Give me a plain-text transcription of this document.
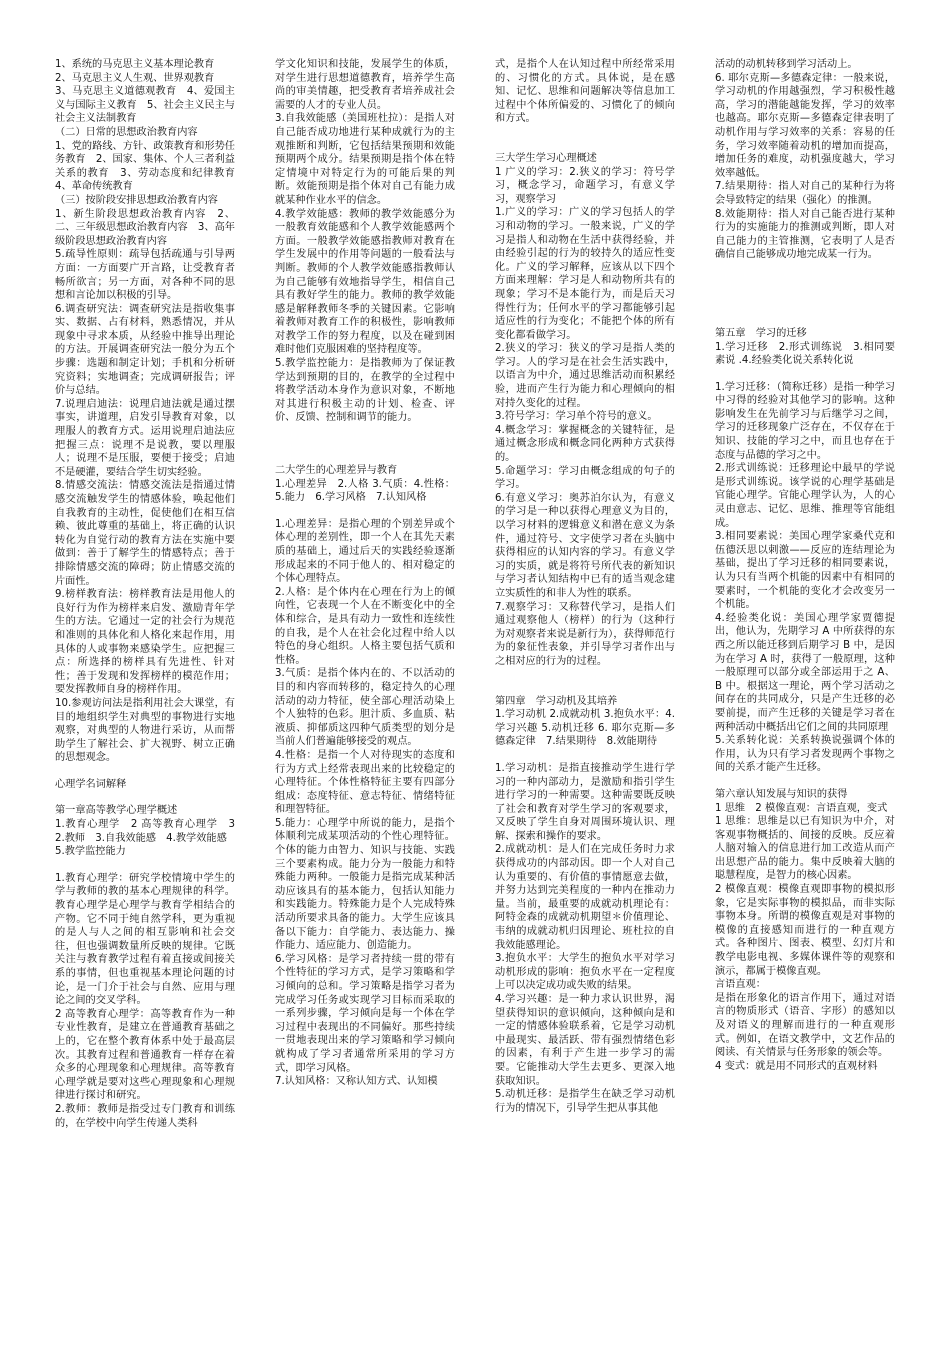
1、系统的马克思主义基本理论教育

2、马克思主义人生观、世界观教育

3、马克思主义道德观教育　4、爱国主义与国际主义教育　5、社会主义民主与社会主义法制教育

（二）日常的思想政治教育内容

1、党的路线、方针、政策教育和形势任务教育　2、国家、集体、个人三者利益关系的教育　3、劳动态度和纪律教育　4、革命传统教育

（三）按阶段安排思想政治教育内容

1、新生阶段思想政治教育内容　2、二、三年级思想政治教育内容　3、高年级阶段思想政治教育内容

5.疏导性原则：疏导包括疏通与引导两方面：一方面要广开言路，让受教育者畅所欲言；另一方面，对各种不同的思想和言论加以积极的引导。

6.调查研究法：调查研究法是指收集事实、数据、占有材料，熟悉情况，并从现象中寻求本质，从经验中推导出理论的方法。开展调查研究法一般分为五个步骤：选题和制定计划；手机和分析研究资料；实地调查；完成调研报告；评价与总结。

7.说理启迪法：说理启迪法就是通过摆事实，讲道理，启发引导教育对象，以理服人的教育方式。运用说理启迪法应把握三点：说理不是说教，要以理服人；说理不是压服，要便于接受；启迪不是硬灌，要结合学生切实经验。

8.情感交流法：情感交流法是指通过情感交流触发学生的情感体验，唤起他们自我教育的主动性，促使他们在相互信赖、彼此尊重的基础上，将正确的认识转化为自觉行动的教育方法在实施中要做到：善于了解学生的情感特点；善于排除情感交流的障碍；防止情感交流的片面性。

9.榜样教育法：榜样教育法是用他人的良好行为作为榜样来启发、激励青年学生的方法。它通过一定的社会行为规范和准则的具体化和人格化来起作用，用具体的人或事物来感染学生。应把握三点：所选择的榜样具有先进性、针对性；善于发现和发挥榜样的模范作用；要发挥教师自身的榜样作用。

10.参观访问法是指利用社会大课堂，有目的地组织学生对典型的事物进行实地观察，对典型的人物进行采访，从而帮助学生了解社会、扩大视野、树立正确的思想观念。

心理学名词解释

第一章高等教学心理学概述

1.教育心理学　2 高等教育心理学　3 2.教师　3.自我效能感　4.教学效能感

5.教学监控能力

1.教育心理学：研究学校情境中学生的学与教师的教的基本心理规律的科学。教育心理学是心理学与教育学相结合的产物。它不同于纯自然学科，更为重视的是人与人之间的相互影响和社会交往，但也强调数量所反映的规律。它既关注与教育教学过程有着直接或间接关系的事情，但也重视基本理论问题的讨论，是一门介于社会与自然、应用与理论之间的交叉学科。

2 高等教育心理学：高等教育作为一种专业性教育，是建立在普通教育基础之上的，它在整个教育体系中处于最高层次。其教育过程和普通教育一样存在着众多的心理现象和心理规律。高等教育心理学就是要对这些心理现象和心理规律进行探讨和研究。

2.教师：教师是指受过专门教育和训练的，在学校中向学生传递人类科

学文化知识和技能，发展学生的体质，对学生进行思想道德教育，培养学生高尚的审美情趣，把受教育者培养成社会需要的人才的专业人员。

3.自我效能感（美国班杜拉）：是指人对自己能否成功地进行某种成就行为的主观推断和判断，它包括结果预期和效能预期两个成分。结果预期是指个体在特定情境中对特定行为的可能后果的判断。效能预期是指个体对自己有能力成就某种作业水平的信念。

4.教学效能感：教师的教学效能感分为一般教育效能感和个人教学效能感两个方面。一般教学效能感指教师对教育在学生发展中的作用等问题的一般看法与判断。教师的个人教学效能感指教师认为自己能够有效地指导学生，相信自己具有教好学生的能力。教师的教学效能感是解释教师冬季的关键因素。它影响着教师对教育工作的积极性，影响教师对教学工作的努力程度，以及在碰到困难时他们克服困难的坚持程度等。

5.教学监控能力：是指教师为了保证教学达到预期的目的，在教学的全过程中将教学活动本身作为意识对象，不断地对其进行积极主动的计划、检查、评价、反馈、控制和调节的能力。

二大学生的心理差异与教育

1.心理差异　2.人格 3.气质：4.性格：5.能力　6.学习风格　7.认知风格

1.心理差异：是指心理的个别差异或个体心理的差别性，即一个人在其先天素质的基础上，通过后天的实践经验逐渐形成起来的不同于他人的、相对稳定的个体心理特点。

2.人格：是个体内在心理在行为上的倾向性，它表现一个人在不断变化中的全体和综合，是具有动力一致性和连续性的自我，是个人在社会化过程中给人以特色的身心组织。人格主要包括气质和性格。

3.气质：是指个体内在的、不以活动的目的和内容而转移的，稳定持久的心理活动的动力特征，使全部心理活动染上个人独特的色彩。胆汁质、多血质、粘液质、抑郁质这四种气质类型的划分是当前人们普遍能够接受的观点。

4.性格：是指一个人对待现实的态度和行为方式上经常表现出来的比较稳定的心理特征。个体性格特征主要有四部分组成：态度特征、意志特征、情绪特征和理智特征。

5.能力：心理学中所说的能力，是指个体顺利完成某项活动的个性心理特征。个体的能力由智力、知识与技能、实践三个要素构成。能力分为一般能力和特殊能力两种。一般能力是指完成某种活动应该具有的基本能力，包括认知能力和实践能力。特殊能力是个人完成特殊活动所要求具备的能力。大学生应该具备以下能力：自学能力、表达能力、操作能力、适应能力、创造能力。

6.学习风格：是学习者持续一贯的带有个性特征的学习方式，是学习策略和学习倾向的总和。学习策略是指学习者为完成学习任务或实现学习目标而采取的一系列步骤，学习倾向是每一个体在学习过程中表现出的不同偏好。那些持续一贯地表现出来的学习策略和学习倾向就构成了学习者通常所采用的学习方式，即学习风格。

7.认知风格：又称认知方式、认知模

式，是指个人在认知过程中所经常采用的、习惯化的方式。具体说，是在感知、记忆、思维和问题解决等信息加工过程中个体所偏爱的、习惯化了的倾向和方式。

三大学生学习心理概述

1 广义的学习：2.狭义的学习：符号学习，概念学习，命题学习，有意义学习，观察学习

1.广义的学习：广义的学习包括人的学习和动物的学习。一般来说，广义的学习是指人和动物在生活中获得经验，并由经验引起的行为的较持久的适应性变化。广义的学习解释，应该从以下四个方面来理解：学习是人和动物所共有的现象；学习不是本能行为，而是后天习得性行为；任何水平的学习都能够引起适应性的行为变化；不能把个体的所有变化都看做学习。

2.狭义的学习：狭义的学习是指人类的学习。人的学习是在社会生活实践中，以语言为中介，通过思维活动而积累经验，进而产生行为能力和心理倾向的相对持久变化的过程。

3.符号学习：学习单个符号的意义。

4.概念学习：掌握概念的关键特征，是通过概念形成和概念同化两种方式获得的。

5.命题学习：学习由概念组成的句子的学习。

6.有意义学习：奥苏泊尔认为，有意义的学习是一种以获得心理意义为目的，以学习材料的逻辑意义和潜在意义为条件，通过符号、文字使学习者在头脑中获得相应的认知内容的学习。有意义学习的实质，就是将符号所代表的新知识与学习者认知结构中已有的适当观念建立实质性的和非人为性的联系。

7.观察学习：又称替代学习，是指人们通过观察他人（榜样）的行为（这种行为对观察者来说是新行为），获得师范行为的象征性表象，并引导学习者作出与之相对应的行为的过程。

第四章　学习动机及其培养

1.学习动机 2.成就动机 3.抱负水平：4.学习兴趣 5.动机迁移 6. 耶尔克斯—多德森定律　7.结果期待　8.效能期待

1.学习动机：是指直接推动学生进行学习的一种内部动力，是激励和指引学生进行学习的一种需要。这种需要既反映了社会和教育对学生学习的客观要求，又反映了学生自身对周围环境认识、理解、探索和操作的要求。

2.成就动机：是人们在完成任务时力求获得成功的内部动因。即一个人对自己认为重要的、有价值的事情愿意去做，并努力达到完美程度的一种内在推动力量。当前，最重要的成就动机理论有：阿特金森的成就动机期望＊价值理论、韦纳的成就动机归因理论、班杜拉的自我效能感理论。

3.抱负水平：大学生的抱负水平对学习动机形成的影响：抱负水平在一定程度上可以决定成功或失败的结果。

4.学习兴趣：是一种力求认识世界，渴望获得知识的意识倾向，这种倾向是和一定的情感体验联系着，它是学习动机中最现实、最活跃、带有强烈情绪色彩的因素，有利于产生进一步学习的需要。它能推动大学生去更多、更深入地获取知识。

5.动机迁移：是指学生在缺乏学习动机行为的情况下，引导学生把从事其他

活动的动机转移到学习活动上。

6. 耶尔克斯—多德森定律：一般来说，学习动机的作用越强烈，学习积极性越高，学习的潜能越能发挥，学习的效率也越高。耶尔克斯—多德森定律表明了动机作用与学习效率的关系：容易的任务，学习效率随着动机的增加而提高，增加任务的难度，动机强度越大，学习效率越低。

7.结果期待：指人对自己的某种行为将会导致特定的结果（强化）的推测。

8.效能期待：指人对自己能否进行某种行为的实施能力的推测或判断，即人对自己能力的主管推测，它表明了人是否确信自己能够成功地完成某一行为。

第五章　学习的迁移

1.学习迁移　2.形式训练说　3.相同要素说 .4.经验类化说关系转化说

1.学习迁移：（简称迁移）是指一种学习中习得的经验对其他学习的影响。这种影响发生在先前学习与后继学习之间，学习的迁移现象广泛存在，不仅存在于知识、技能的学习之中，而且也存在于态度与品德的学习之中。

2.形式训练说：迁移理论中最早的学说是形式训练说。该学说的心理学基础是官能心理学。官能心理学认为，人的心灵由意志、记忆、思维、推理等官能组成。

3.相同要素说：美国心理学家桑代克和伍德沃思以刺激——反应的连结理论为基础，提出了学习迁移的相同要素说，认为只有当两个机能的因素中有相同的要素时，一个机能的变化才会改变另一个机能。

4.经验类化说：美国心理学家贾德提出，他认为，先期学习 A 中所获得的东西之所以能迁移到后期学习 B 中，是因为在学习 A 时，获得了一般原理，这种一般原理可以部分或全部运用于之 A、B 中。根据这一理论，两个学习活动之间存在的共同成分，只是产生迁移的必要前提，而产生迁移的关键是学习者在两种活动中概括出它们之间的共同原理

5.关系转化说：关系转换说强调个体的作用，认为只有学习者发现两个事物之间的关系才能产生迁移。

第六章认知发展与知识的获得

1 思维　2 模像直观：言语直观，变式

1 思维：思维是以已有知识为中介，对客观事物概括的、间接的反映。反应着人脑对输入的信息进行加工改造从而产出思想产品的能力。集中反映着大脑的聪慧程度，是智力的核心因素。

2 模像直观：模像直观即事物的模拟形象，它是实际事物的模拟品，而非实际事物本身。所谓的模像直观是对事物的模像的直接感知而进行的一种直观方式。各种图片、图表、模型、幻灯片和教学电影电视、多媒体课件等的观察和演示，都属于模像直观。

言语直观：

是指在形象化的语言作用下，通过对语言的物质形式（语音、字形）的感知以及对语义的理解而进行的一种直观形式。例如，在语文教学中，文艺作品的阅读、有关情景与任务形象的领会等。

4 变式：就是用不同形式的直观材料
